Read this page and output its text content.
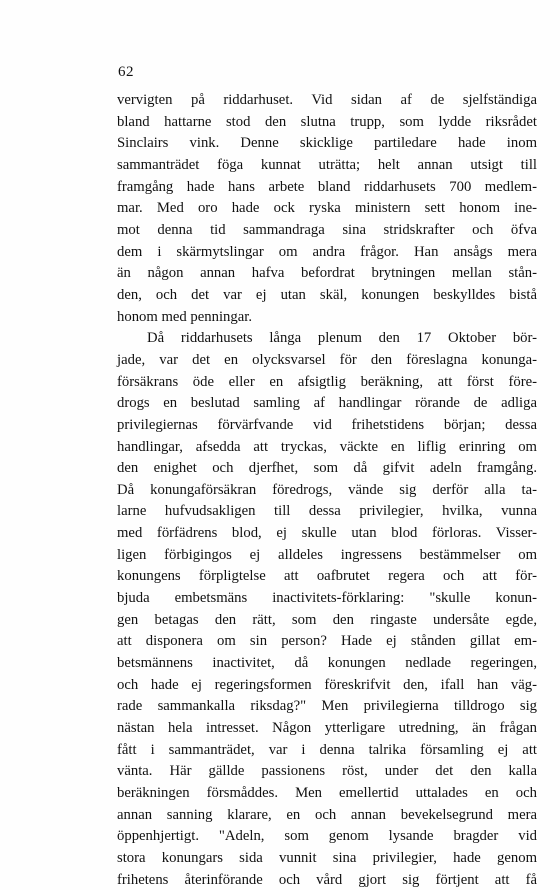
62
vervigten på riddarhuset. Vid sidan af de sjelfständiga
bland hattarne stod den slutna trupp, som lydde riksrådet
Sinclairs vink. Denne skicklige partiledare hade inom
sammanträdet föga kunnat uträtta; helt annan utsigt till
framgång hade hans arbete bland riddarhusets 700 medlem-
mar. Med oro hade ock ryska ministern sett honom ine-
mot denna tid sammandraga sina stridskrafter och öfva
dem i skärmytslingar om andra frågor. Han ansågs mera
än någon annan hafva befordrat brytningen mellan stån-
den, och det var ej utan skäl, konungen beskylldes bistå
honom med penningar.
Då riddarhusets långa plenum den 17 Oktober bör-
jade, var det en olycksvarsel för den föreslagna konunga-
försäkrans öde eller en afsigtlig beräkning, att först före-
drogs en beslutad samling af handlingar rörande de adliga
privilegiernas förvärfvande vid frihetstidens början; dessa
handlingar, afsedda att tryckas, väckte en liflig erinring om
den enighet och djerfhet, som då gifvit adeln framgång.
Då konungaförsäkran föredrogs, vände sig derför alla ta-
larne hufvudsakligen till dessa privilegier, hvilka, vunna
med förfädrens blod, ej skulle utan blod förloras. Visser-
ligen förbigingos ej alldeles ingressens bestämmelser om
konungens förpligtelse att oafbrutet regera och att för-
bjuda embetsmäns inactivitets-förklaring: "skulle konun-
gen betagas den rätt, som den ringaste undersåte egde,
att disponera om sin person? Hade ej stånden gillat em-
betsmännens inactivitet, då konungen nedlade regeringen,
och hade ej regeringsformen föreskrifvit den, ifall han väg-
rade sammankalla riksdag?" Men privilegierna tilldrogo sig
nästan hela intresset. Någon ytterligare utredning, än frågan
fått i sammanträdet, var i denna talrika församling ej att
vänta. Här gällde passionens röst, under det den kalla
beräkningen försmåddes. Men emellertid uttalades en och
annan sanning klarare, en och annan bevekelsegrund mera
öppenhjertigt. "Adeln, som genom lysande bragder vid
stora konungars sida vunnit sina privilegier, hade genom
frihetens återinförande och vård gjort sig förtjent att få
